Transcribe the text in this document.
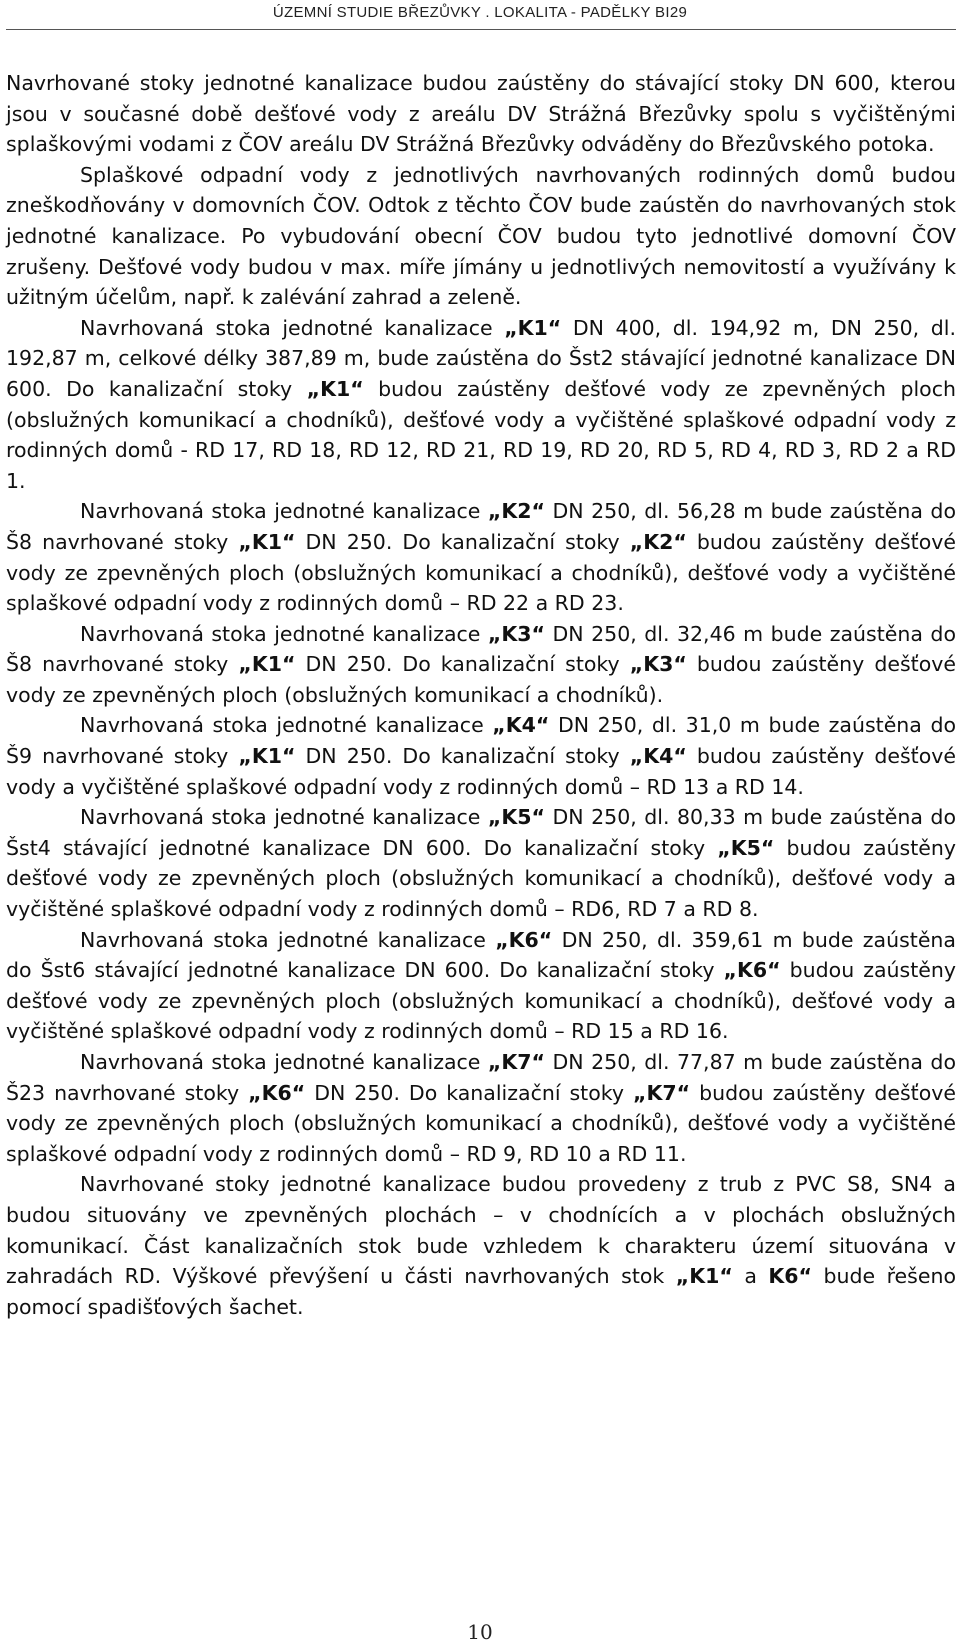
ÚZEMNÍ STUDIE BŘEZŮVKY . LOKALITA - PADĚLKY BI29

Navrhované stoky jednotné kanalizace budou zaústěny do stávající stoky DN 600, kterou jsou v současné době dešťové vody z areálu DV Strážná Březůvky spolu s vyčištěnými splaškovými vodami z ČOV areálu DV Strážná Březůvky odváděny do Březůvského potoka.

Splaškové odpadní vody z jednotlivých navrhovaných rodinných domů budou zneškodňovány v domovních ČOV. Odtok z těchto ČOV bude zaústěn do navrhovaných stok jednotné kanalizace. Po vybudování obecní ČOV budou tyto jednotlivé domovní ČOV zrušeny. Dešťové vody budou v max. míře jímány u jednotlivých nemovitostí a využívány k užitným účelům, např. k zalévání zahrad a zeleně.

Navrhovaná stoka jednotné kanalizace „K1“ DN 400, dl. 194,92 m, DN 250, dl. 192,87 m, celkové délky 387,89 m, bude zaústěna do Šst2 stávající jednotné kanalizace DN 600. Do kanalizační stoky „K1“ budou zaústěny dešťové vody ze zpevněných ploch (obslužných komunikací a chodníků), dešťové vody a vyčištěné splaškové odpadní vody z rodinných domů - RD 17, RD 18, RD 12, RD 21, RD 19, RD 20, RD 5, RD 4, RD 3, RD 2 a RD 1.

Navrhovaná stoka jednotné kanalizace „K2“ DN 250, dl. 56,28 m bude zaústěna do Š8 navrhované stoky „K1“ DN 250. Do kanalizační stoky „K2“ budou zaústěny dešťové vody ze zpevněných ploch (obslužných komunikací a chodníků), dešťové vody a vyčištěné splaškové odpadní vody z rodinných domů – RD 22 a RD 23.

Navrhovaná stoka jednotné kanalizace „K3“ DN 250, dl. 32,46 m bude zaústěna do Š8 navrhované stoky „K1“ DN 250. Do kanalizační stoky „K3“ budou zaústěny dešťové vody ze zpevněných ploch (obslužných komunikací a chodníků).

Navrhovaná stoka jednotné kanalizace „K4“ DN 250, dl. 31,0 m bude zaústěna do Š9 navrhované stoky „K1“ DN 250. Do kanalizační stoky „K4“ budou zaústěny dešťové vody a vyčištěné splaškové odpadní vody z rodinných domů – RD 13 a RD 14.

Navrhovaná stoka jednotné kanalizace „K5“ DN 250, dl. 80,33 m bude zaústěna do Šst4 stávající jednotné kanalizace DN 600. Do kanalizační stoky „K5“ budou zaústěny dešťové vody ze zpevněných ploch (obslužných komunikací a chodníků), dešťové vody a vyčištěné splaškové odpadní vody z rodinných domů – RD6, RD 7 a RD 8.

Navrhovaná stoka jednotné kanalizace „K6“ DN 250, dl. 359,61 m bude zaústěna do Šst6 stávající jednotné kanalizace DN 600. Do kanalizační stoky „K6“ budou zaústěny dešťové vody ze zpevněných ploch (obslužných komunikací a chodníků), dešťové vody a vyčištěné splaškové odpadní vody z rodinných domů – RD 15 a RD 16.

Navrhovaná stoka jednotné kanalizace „K7“ DN 250, dl. 77,87 m bude zaústěna do Š23 navrhované stoky „K6“ DN 250. Do kanalizační stoky „K7“ budou zaústěny dešťové vody ze zpevněných ploch (obslužných komunikací a chodníků), dešťové vody a vyčištěné splaškové odpadní vody z rodinných domů – RD 9, RD 10 a RD 11.

Navrhované stoky jednotné kanalizace budou provedeny z trub z PVC S8, SN4 a budou situovány ve zpevněných plochách – v chodnících a v plochách obslužných komunikací. Část kanalizačních stok bude vzhledem k charakteru území situována v zahradách RD. Výškové převýšení u části navrhovaných stok „K1“ a K6“ bude řešeno pomocí spadišťových šachet.

10
